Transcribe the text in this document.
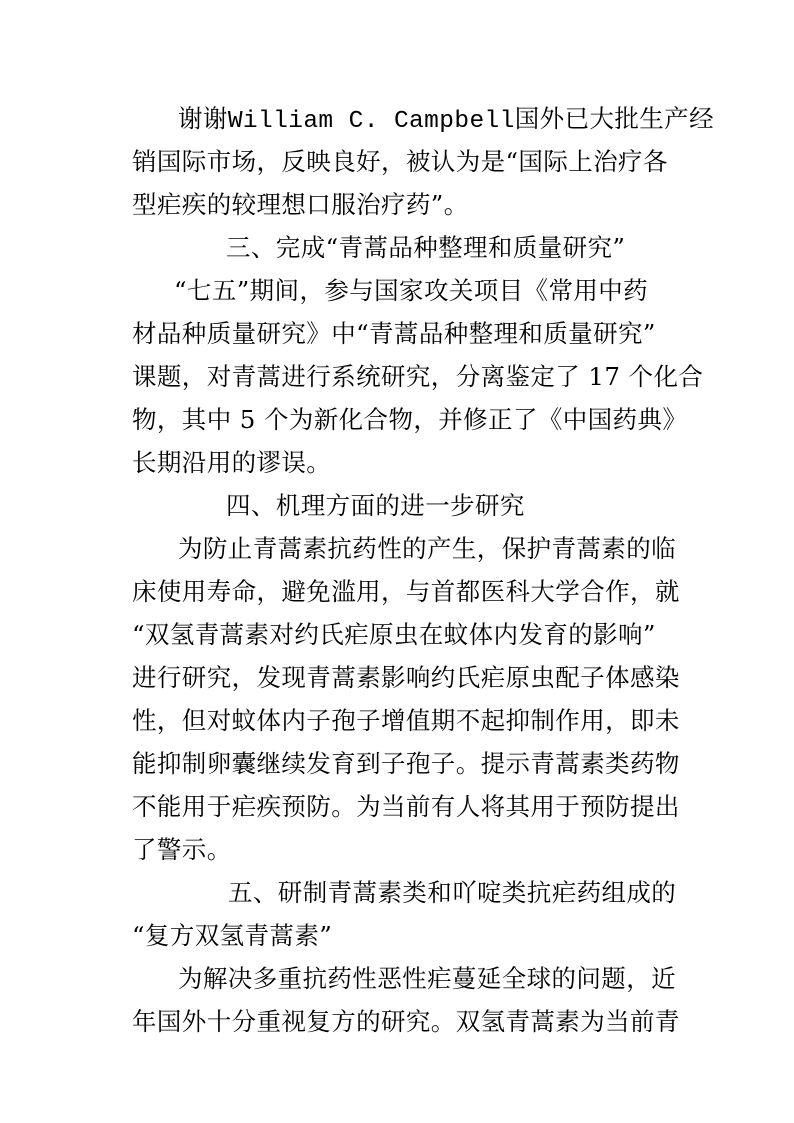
谢谢William C. Campbell国外已大批生产经
销国际市场，反映良好，被认为是“国际上治疗各
型疟疾的较理想口服治疗药”。
三、完成“青蒿品种整理和质量研究”
“七五”期间，参与国家攻关项目《常用中药
材品种质量研究》中“青蒿品种整理和质量研究”
课题，对青蒿进行系统研究，分离鉴定了 17 个化合
物，其中 5 个为新化合物，并修正了《中国药典》
长期沿用的谬误。
四、机理方面的进一步研究
为防止青蒿素抗药性的产生，保护青蒿素的临
床使用寿命，避免滥用，与首都医科大学合作，就
“双氢青蒿素对约氏疟原虫在蚊体内发育的影响”
进行研究，发现青蒿素影响约氏疟原虫配子体感染
性，但对蚊体内子孢子增值期不起抑制作用，即未
能抑制卵囊继续发育到子孢子。提示青蒿素类药物
不能用于疟疾预防。为当前有人将其用于预防提出
了警示。
五、研制青蒿素类和吖啶类抗疟药组成的
“复方双氢青蒿素”
为解决多重抗药性恶性疟蔓延全球的问题，近
年国外十分重视复方的研究。双氢青蒿素为当前青
